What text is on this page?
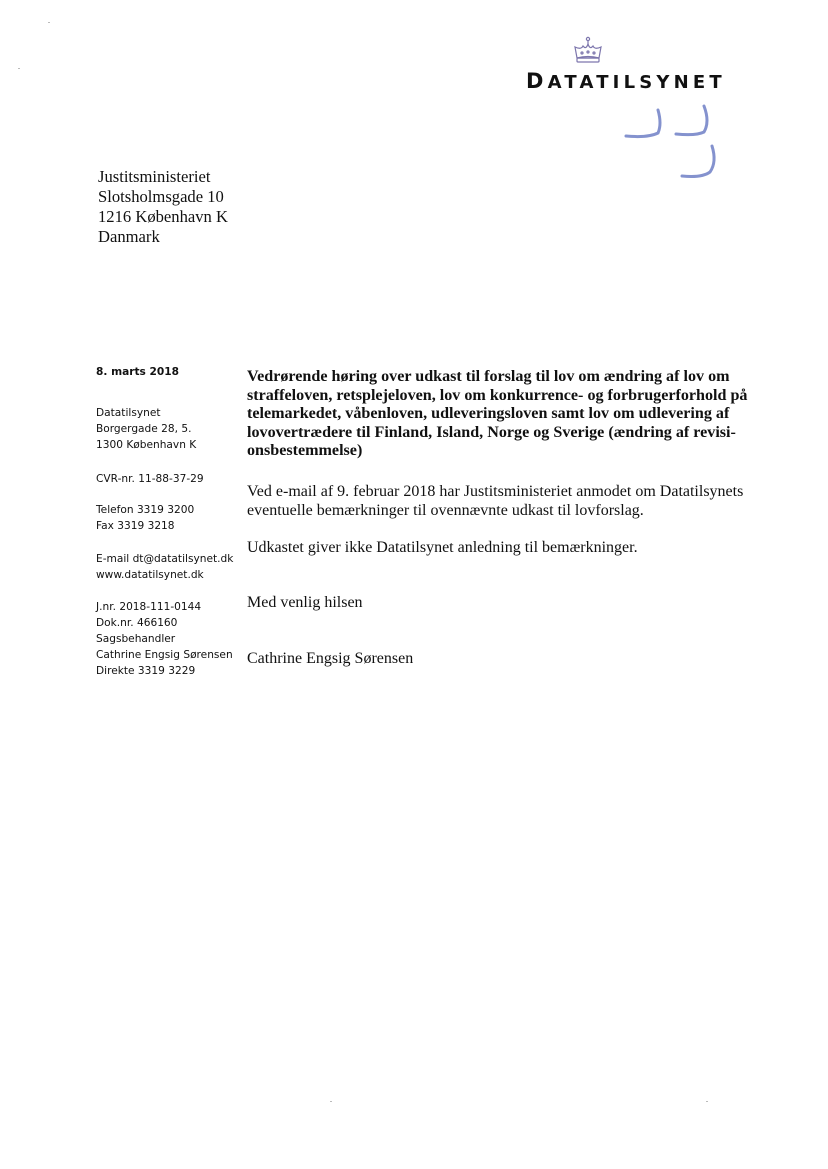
DATATILSYNET
Justitsministeriet
Slotsholmsgade 10
1216 København K
Danmark
8. marts 2018
Datatilsynet
Borgergade 28, 5.
1300 København K
CVR-nr. 11-88-37-29
Telefon 3319 3200
Fax 3319 3218
E-mail dt@datatilsynet.dk
www.datatilsynet.dk
J.nr. 2018-111-0144
Dok.nr. 466160
Sagsbehandler
Cathrine Engsig Sørensen
Direkte 3319 3229
Vedrørende høring over udkast til forslag til lov om ændring af lov om
straffeloven, retsplejeloven, lov om konkurrence- og forbrugerforhold på
telemarkedet, våbenloven, udleveringsloven samt lov om udlevering af
lovovertrædere til Finland, Island, Norge og Sverige (ændring af revisi-
onsbestemmelse)
Ved e-mail af 9. februar 2018 har Justitsministeriet anmodet om Datatilsynets
eventuelle bemærkninger til ovennævnte udkast til lovforslag.
Udkastet giver ikke Datatilsynet anledning til bemærkninger.
Med venlig hilsen
Cathrine Engsig Sørensen
